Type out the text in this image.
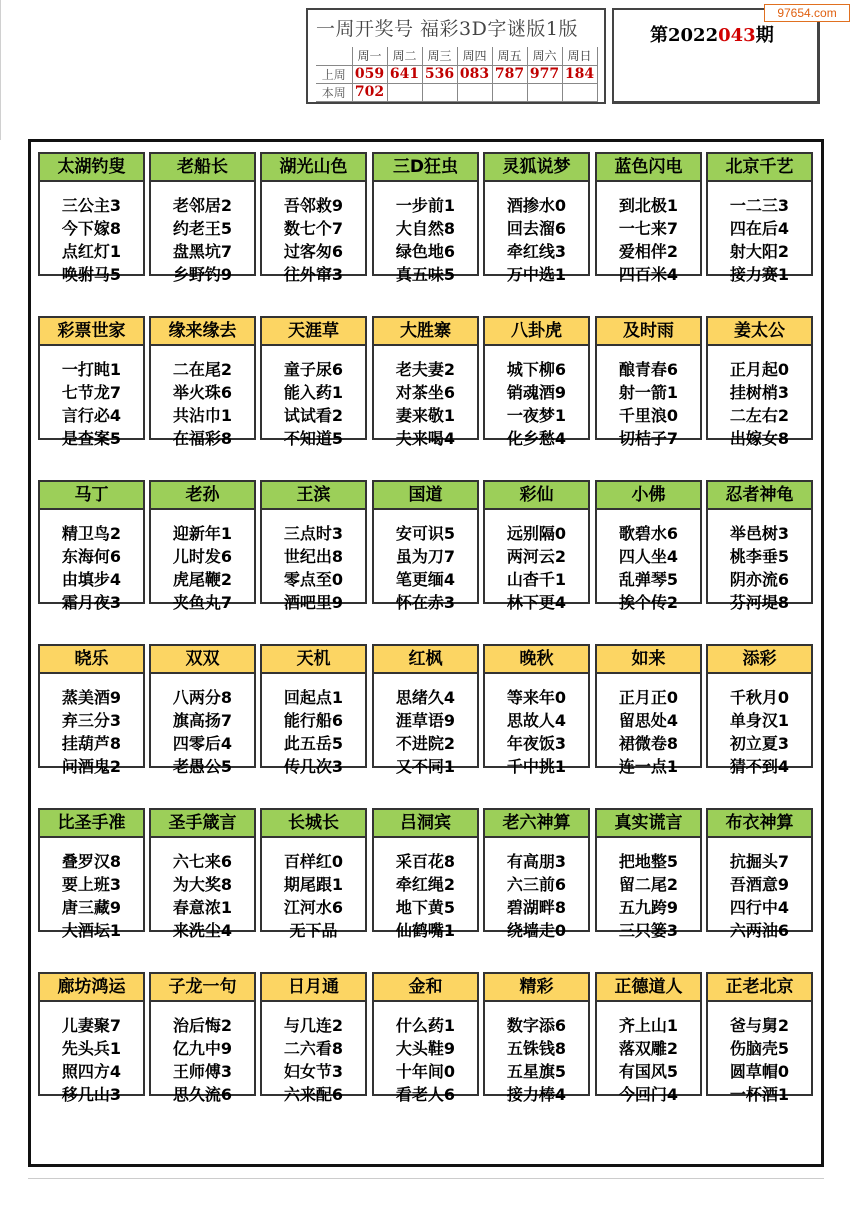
一周开奖号 福彩3D字谜版1版
	周一	周二	周三	周四	周五	周六	周日
上周	059	641	536	083	787	977	184
本周	702						
第2022043期
97654.com
太湖钓叟
三公主3
今下嫁8
点红灯1
唤驸马5
老船长
老邻居2
约老王5
盘黑坑7
乡野钓9
湖光山色
吾邻救9
数七个7
过客匆6
往外窜3
三D狂虫
一步前1
大自然8
绿色地6
真五味5
灵狐说梦
酒掺水0
回去溜6
牵红线3
万中选1
蓝色闪电
到北极1
一七来7
爱相伴2
四百米4
北京千艺
一二三3
四在后4
射大阳2
接力赛1
彩票世家
一打盹1
七节龙7
言行必4
是查案5
缘来缘去
二在尾2
举火珠6
共沾巾1
在福彩8
天涯草
童子尿6
能入药1
试试看2
不知道5
大胜寨
老夫妻2
对茶坐6
妻来敬1
夫来喝4
八卦虎
城下柳6
销魂酒9
一夜梦1
化乡愁4
及时雨
酿青春6
射一箭1
千里浪0
切桔子7
姜太公
正月起0
挂树梢3
二左右2
出嫁女8
马丁
精卫鸟2
东海何6
由填步4
霜月夜3
老孙
迎新年1
儿时发6
虎尾鞭2
夹鱼丸7
王滨
三点时3
世纪出8
零点至0
酒吧里9
国道
安可识5
虽为刀7
笔更缅4
怀在赤3
彩仙
远别隔0
两河云2
山杳千1
林下更4
小佛
歌碧水6
四人坐4
乱弹琴5
挨个传2
忍者神龟
举邑树3
桃李垂5
阴亦流6
芬河堤8
晓乐
蒸美酒9
弃三分3
挂葫芦8
问酒鬼2
双双
八两分8
旗高扬7
四零后4
老愚公5
天机
回起点1
能行船6
此五岳5
传几次3
红枫
思绪久4
涯草语9
不进院2
又不同1
晚秋
等来年0
思故人4
年夜饭3
千中挑1
如来
正月正0
留思处4
裙微卷8
连一点1
添彩
千秋月0
单身汉1
初立夏3
猜不到4
比圣手准
叠罗汉8
要上班3
唐三藏9
大酒坛1
圣手箴言
六七来6
为大奖8
春意浓1
来洗尘4
长城长
百样红0
期尾跟1
江河水6
无下品
吕洞宾
采百花8
牵红绳2
地下黄5
仙鹤嘴1
老六神算
有高朋3
六三前6
碧湖畔8
绕墙走0
真实谎言
把地整5
留二尾2
五九跨9
三只篓3
布衣神算
抗掘头7
吾酒意9
四行中4
六两油6
廊坊鸿运
儿妻聚7
先头兵1
照四方4
移几山3
子龙一句
治后悔2
亿九中9
王师傅3
思久流6
日月通
与几连2
二六看8
妇女节3
六来配6
金和
什么药1
大头鞋9
十年间0
看老人6
精彩
数字添6
五铢钱8
五星旗5
接力棒4
正德道人
齐上山1
落双雕2
有国风5
今回门4
正老北京
爸与舅2
伤脑壳5
圆草帽0
一杯酒1
